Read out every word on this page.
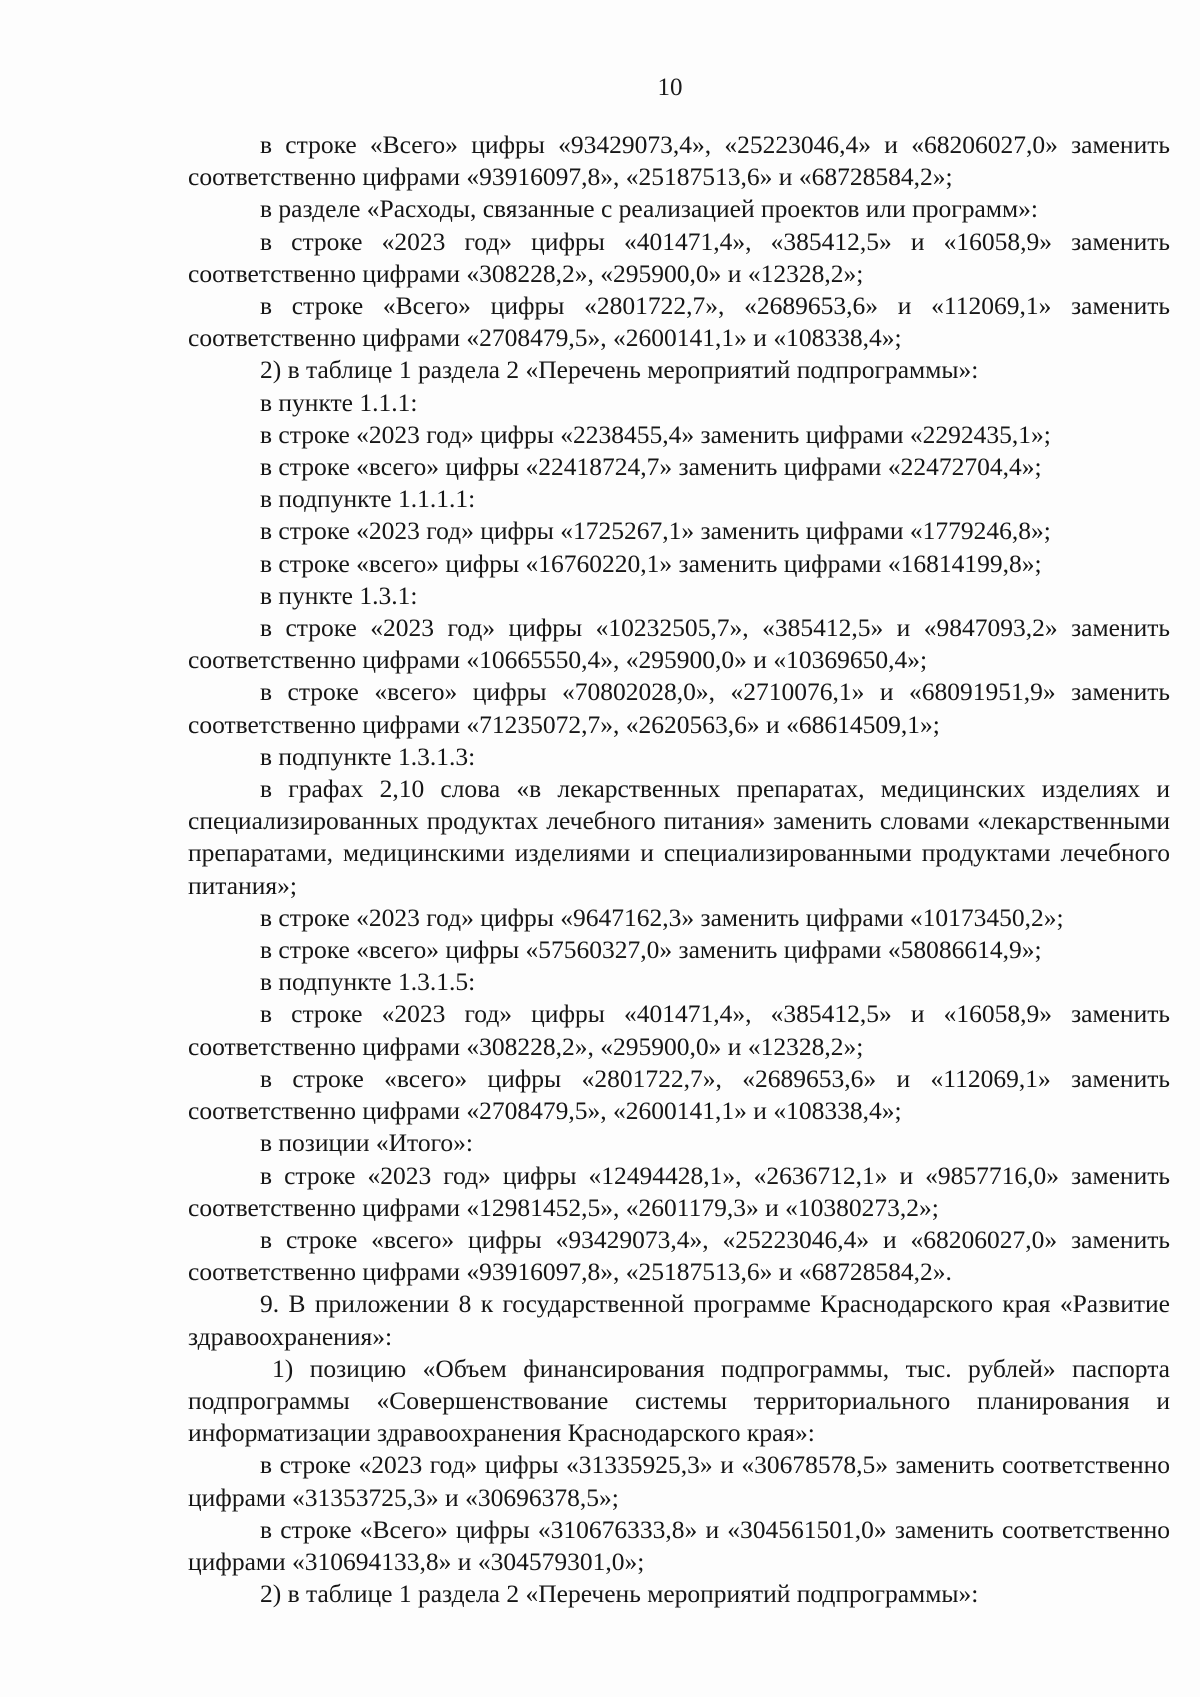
10

в строке «Всего» цифры «93429073,4», «25223046,4» и «68206027,0» заменить соответственно цифрами «93916097,8», «25187513,6» и «68728584,2»;

в разделе «Расходы, связанные с реализацией проектов или программ»:

в строке «2023 год» цифры «401471,4», «385412,5» и «16058,9» заменить соответственно цифрами «308228,2», «295900,0» и «12328,2»;

в строке «Всего» цифры «2801722,7», «2689653,6» и «112069,1» заменить соответственно цифрами «2708479,5», «2600141,1» и «108338,4»;

2) в таблице 1 раздела 2 «Перечень мероприятий подпрограммы»:

в пункте 1.1.1:

в строке «2023 год» цифры «2238455,4» заменить цифрами «2292435,1»;

в строке «всего» цифры «22418724,7» заменить цифрами «22472704,4»;

в подпункте 1.1.1.1:

в строке «2023 год» цифры «1725267,1» заменить цифрами «1779246,8»;

в строке «всего» цифры «16760220,1» заменить цифрами «16814199,8»;

в пункте 1.3.1:

в строке «2023 год» цифры «10232505,7», «385412,5» и «9847093,2» заменить соответственно цифрами «10665550,4», «295900,0» и «10369650,4»;

в строке «всего» цифры «70802028,0», «2710076,1» и «68091951,9» заменить соответственно цифрами «71235072,7», «2620563,6» и «68614509,1»;

в подпункте 1.3.1.3:

в графах 2,10 слова «в лекарственных препаратах, медицинских изделиях и специализированных продуктах лечебного питания» заменить словами «лекарственными препаратами, медицинскими изделиями и специализированными продуктами лечебного питания»;

в строке «2023 год» цифры «9647162,3» заменить цифрами «10173450,2»;

в строке «всего» цифры «57560327,0» заменить цифрами «58086614,9»;

в подпункте 1.3.1.5:

в строке «2023 год» цифры «401471,4», «385412,5» и «16058,9» заменить соответственно цифрами «308228,2», «295900,0» и «12328,2»;

в строке «всего» цифры «2801722,7», «2689653,6» и «112069,1» заменить соответственно цифрами «2708479,5», «2600141,1» и «108338,4»;

в позиции «Итого»:

в строке «2023 год» цифры «12494428,1», «2636712,1» и «9857716,0» заменить соответственно цифрами «12981452,5», «2601179,3» и «10380273,2»;

в строке «всего» цифры «93429073,4», «25223046,4» и «68206027,0» заменить соответственно цифрами «93916097,8», «25187513,6» и «68728584,2».

9. В приложении 8 к государственной программе Краснодарского края «Развитие здравоохранения»:

1) позицию «Объем финансирования подпрограммы, тыс. рублей» паспорта подпрограммы «Совершенствование системы территориального планирования и информатизации здравоохранения Краснодарского края»:

в строке «2023 год» цифры «31335925,3» и «30678578,5» заменить соответственно цифрами «31353725,3» и «30696378,5»;

в строке «Всего» цифры «310676333,8» и «304561501,0» заменить соответственно цифрами «310694133,8» и «304579301,0»;

2) в таблице 1 раздела 2 «Перечень мероприятий подпрограммы»:
